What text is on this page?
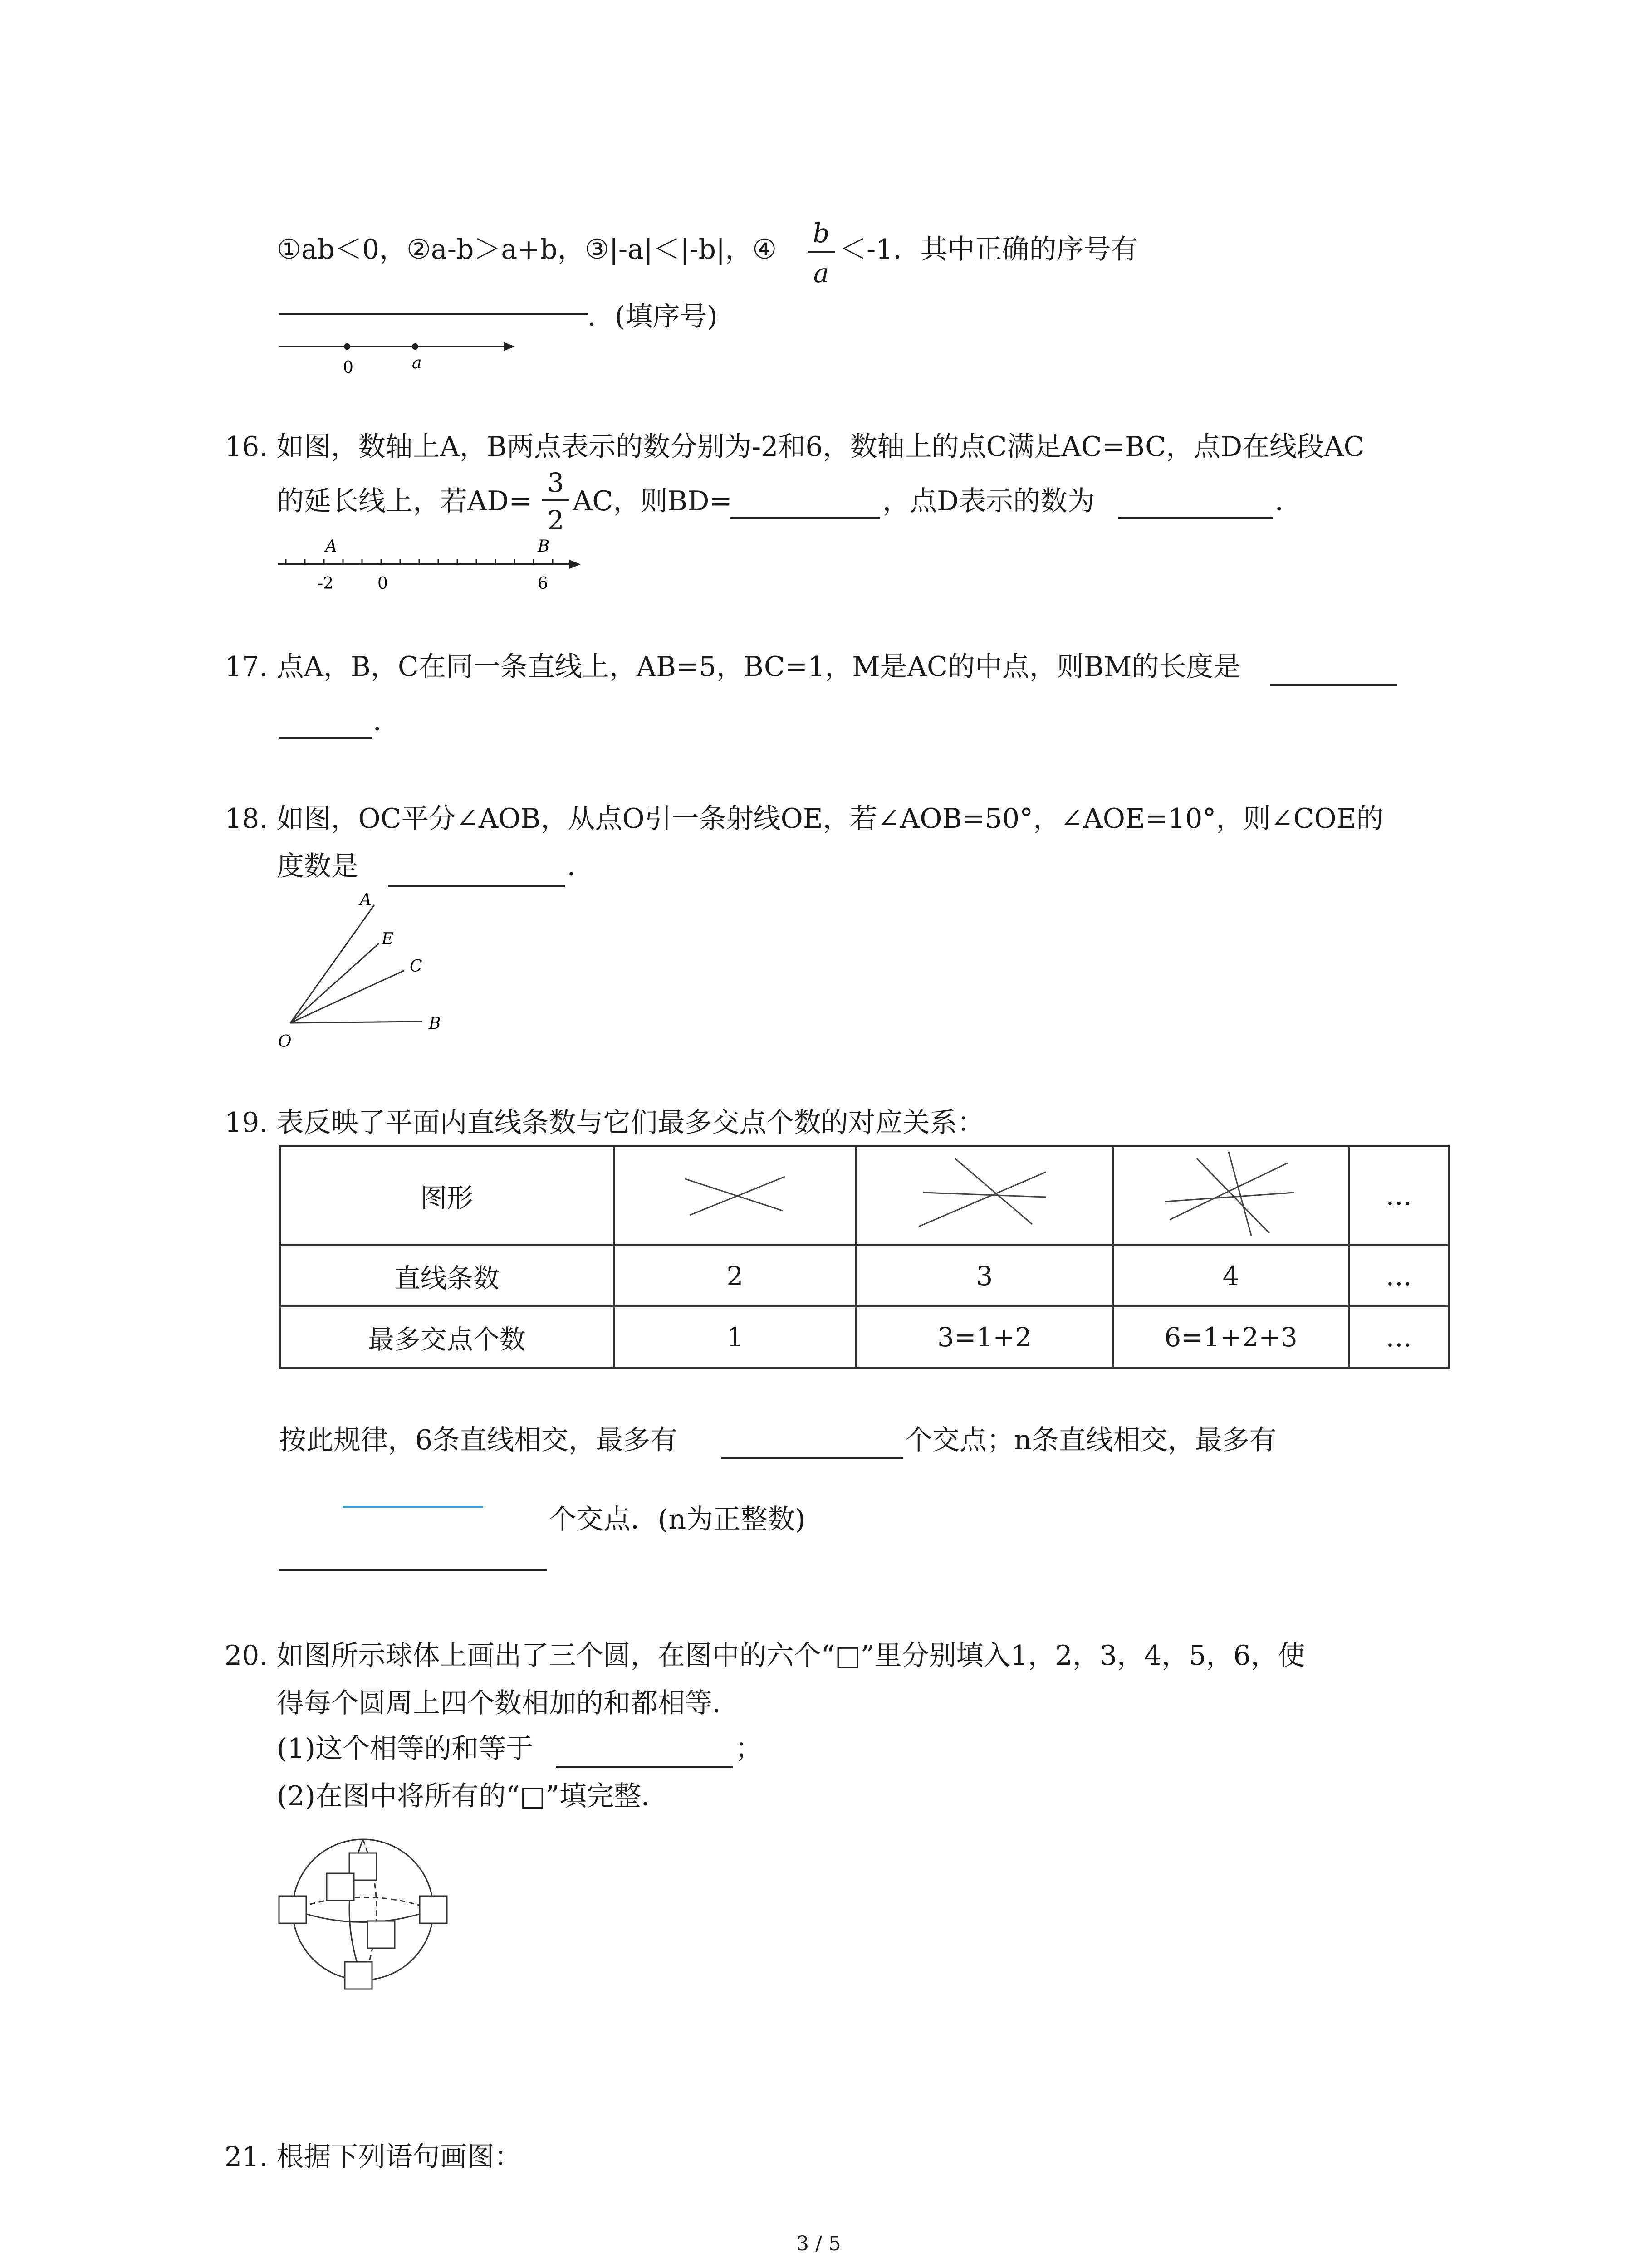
①ab＜0，②a-b＞a+b，③|-a|＜|-b|，④
b
a
＜-1．其中正确的序号有
．(填序号)
0	a
16. 如图，数轴上A，B两点表示的数分别为-2和6，数轴上的点C满足AC=BC，点D在线段AC
的延长线上，若AD=
3
2
AC，则BD=	，点D表示的数为	．
A	B
-2	0	6
17. 点A，B，C在同一条直线上，AB=5，BC=1，M是AC的中点，则BM的长度是
．
18. 如图，OC平分∠AOB，从点O引一条射线OE，若∠AOB=50°，∠AOE=10°，则∠COE的
度数是	．
A
E
C
O
B
19. 表反映了平面内直线条数与它们最多交点个数的对应关系：
图形				…
直线条数	2	3	4	…
最多交点个数	1	3=1+2	6=1+2+3	…
按此规律，6条直线相交，最多有	个交点；n条直线相交，最多有
个交点．(n为正整数)
20. 如图所示球体上画出了三个圆，在图中的六个“□”里分别填入1，2，3，4，5，6，使
得每个圆周上四个数相加的和都相等．
(1)这个相等的和等于	；
(2)在图中将所有的“□”填完整．
21. 根据下列语句画图：
3 / 5
